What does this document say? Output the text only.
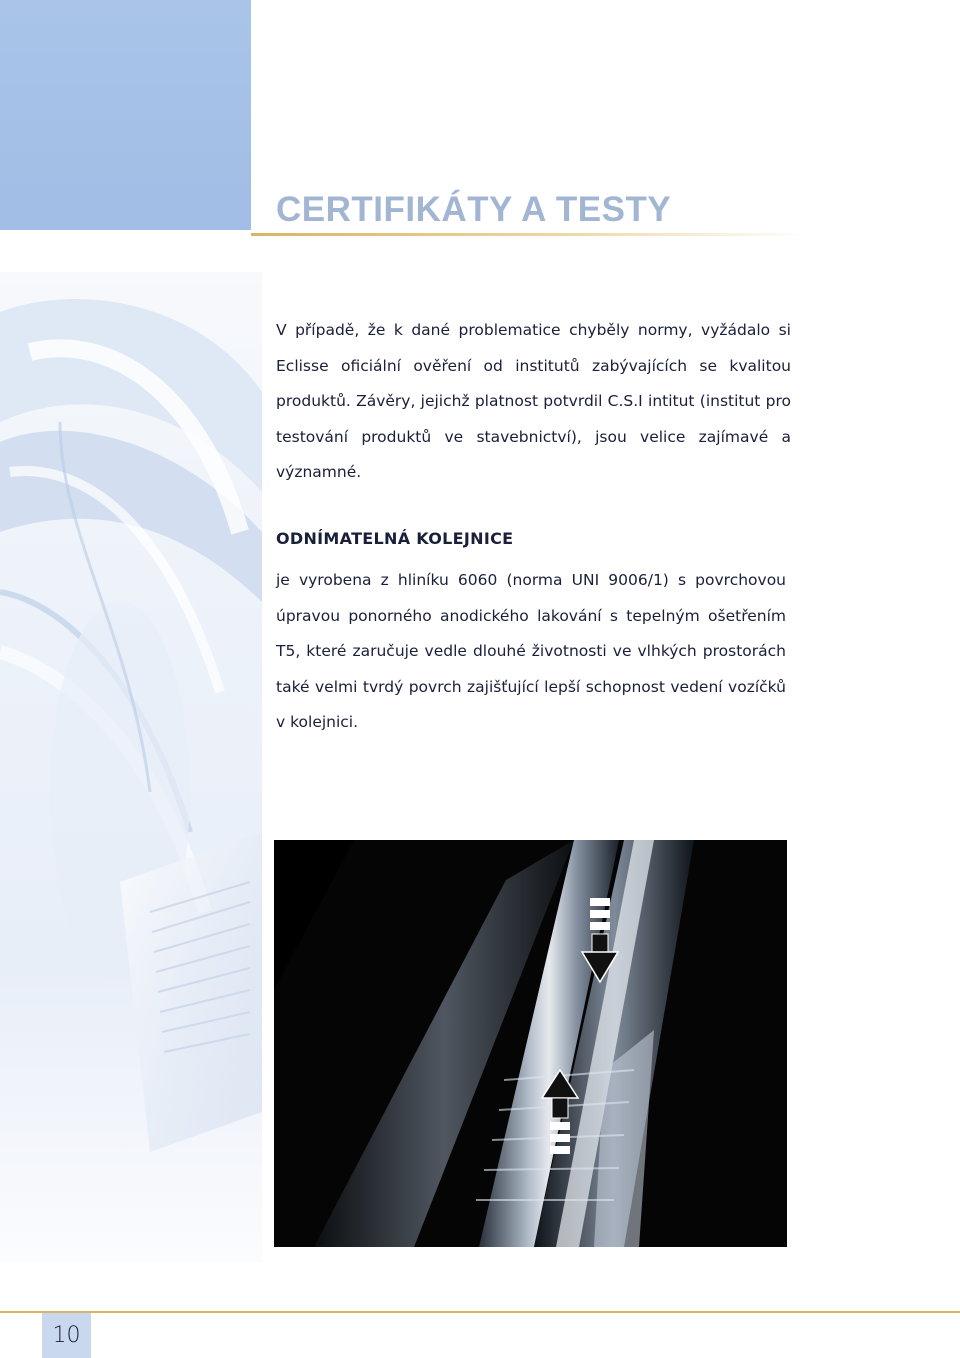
CERTIFIKÁTY A TESTY

V případě, že k dané problematice chyběly normy, vyžádalo si Eclisse oficiální ověření od institutů zabývajících se kvalitou produktů. Závěry, jejichž platnost potvrdil C.S.I intitut (institut pro testování produktů ve stavebnictví), jsou velice zajímavé a významné.

ODNÍMATELNÁ KOLEJNICE

je vyrobena z hliníku 6060 (norma UNI 9006/1) s povrchovou úpravou ponorného anodického lakování s tepelným ošetřením T5, které zaručuje vedle dlouhé životnosti ve vlhkých prostorách také velmi tvrdý povrch zajišťující lepší schopnost vedení vozíčků v kolejnici.

10
